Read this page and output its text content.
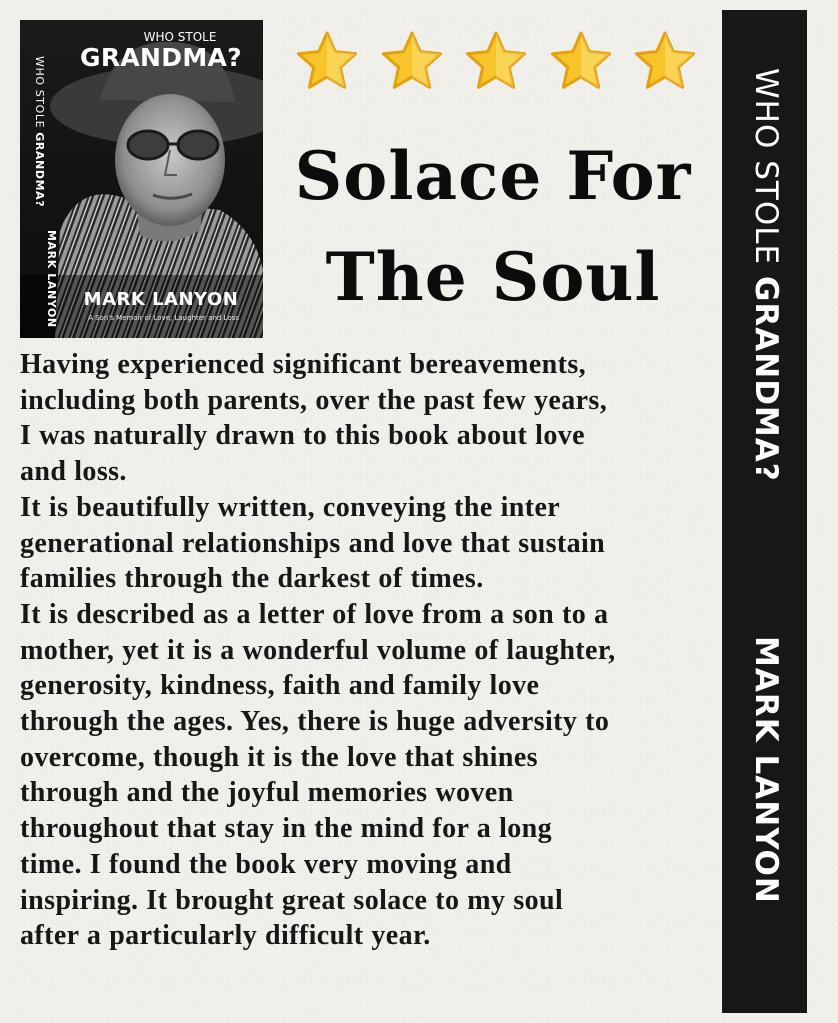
WHO STOLE GRANDMA?
MARK LANYON
WHO STOLE
GRANDMA?
MARK LANYON
A Son's Memoir of Love, Laughter and Loss
Solace For
The Soul

Having experienced significant bereavements,
including both parents, over the past few years,
I was naturally drawn to this book about love
and loss.

It is beautifully written, conveying the inter
generational relationships and love that sustain
families through the darkest of times.

It is described as a letter of love from a son to a
mother, yet it is a wonderful volume of laughter,
generosity, kindness, faith and family love
through the ages. Yes, there is huge adversity to
overcome, though it is the love that shines
through and the joyful memories woven
throughout that stay in the mind for a long
time. I found the book very moving and
inspiring. It brought great solace to my soul
after a particularly difficult year.

WHO STOLE GRANDMA?
MARK LANYON
